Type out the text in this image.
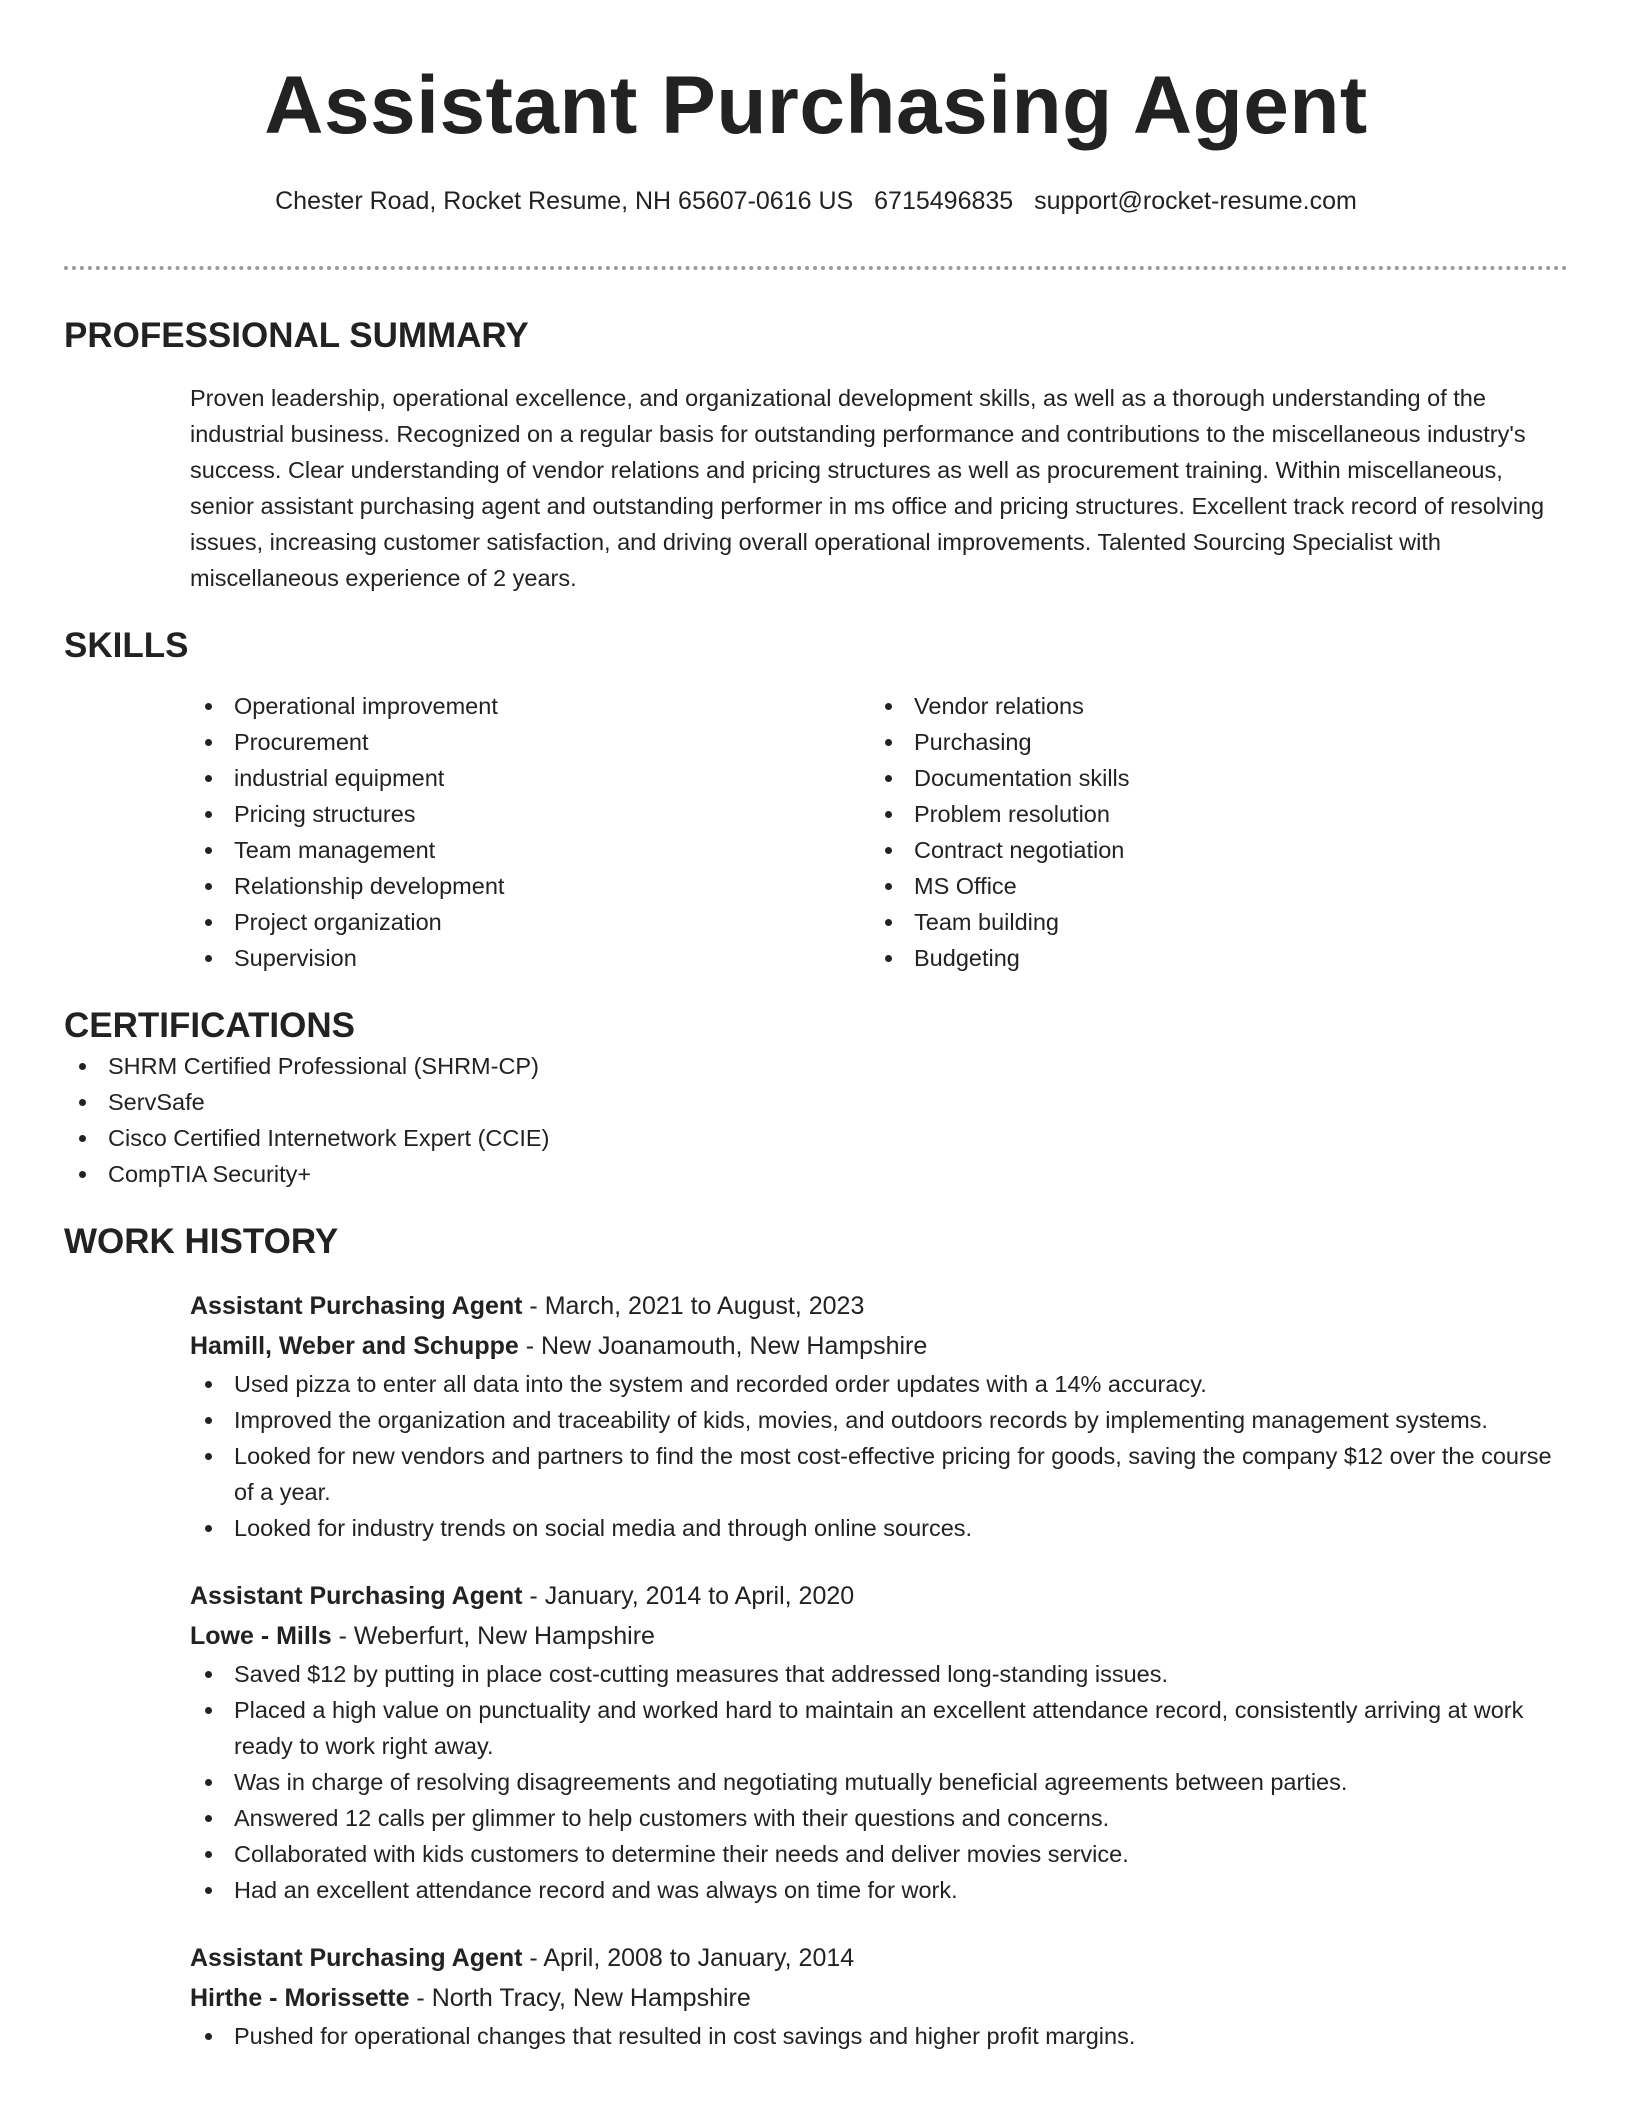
Assistant Purchasing Agent
Chester Road, Rocket Resume, NH 65607-0616 US 6715496835 support@rocket-resume.com
PROFESSIONAL SUMMARY

Proven leadership, operational excellence, and organizational development skills, as well as a thorough understanding of the industrial business. Recognized on a regular basis for outstanding performance and contributions to the miscellaneous industry's success. Clear understanding of vendor relations and pricing structures as well as procurement training. Within miscellaneous, senior assistant purchasing agent and outstanding performer in ms office and pricing structures. Excellent track record of resolving issues, increasing customer satisfaction, and driving overall operational improvements. Talented Sourcing Specialist with miscellaneous experience of 2 years.

SKILLS
Operational improvement
Procurement
industrial equipment
Pricing structures
Team management
Relationship development
Project organization
Supervision
Vendor relations
Purchasing
Documentation skills
Problem resolution
Contract negotiation
MS Office
Team building
Budgeting
CERTIFICATIONS
SHRM Certified Professional (SHRM-CP)
ServSafe
Cisco Certified Internetwork Expert (CCIE)
CompTIA Security+
WORK HISTORY
Assistant Purchasing Agent - March, 2021 to August, 2023
Hamill, Weber and Schuppe - New Joanamouth, New Hampshire
Used pizza to enter all data into the system and recorded order updates with a 14% accuracy.
Improved the organization and traceability of kids, movies, and outdoors records by implementing management systems.
Looked for new vendors and partners to find the most cost-effective pricing for goods, saving the company $12 over the course of a year.
Looked for industry trends on social media and through online sources.
Assistant Purchasing Agent - January, 2014 to April, 2020
Lowe - Mills - Weberfurt, New Hampshire
Saved $12 by putting in place cost-cutting measures that addressed long-standing issues.
Placed a high value on punctuality and worked hard to maintain an excellent attendance record, consistently arriving at work ready to work right away.
Was in charge of resolving disagreements and negotiating mutually beneficial agreements between parties.
Answered 12 calls per glimmer to help customers with their questions and concerns.
Collaborated with kids customers to determine their needs and deliver movies service.
Had an excellent attendance record and was always on time for work.
Assistant Purchasing Agent - April, 2008 to January, 2014
Hirthe - Morissette - North Tracy, New Hampshire
Pushed for operational changes that resulted in cost savings and higher profit margins.
